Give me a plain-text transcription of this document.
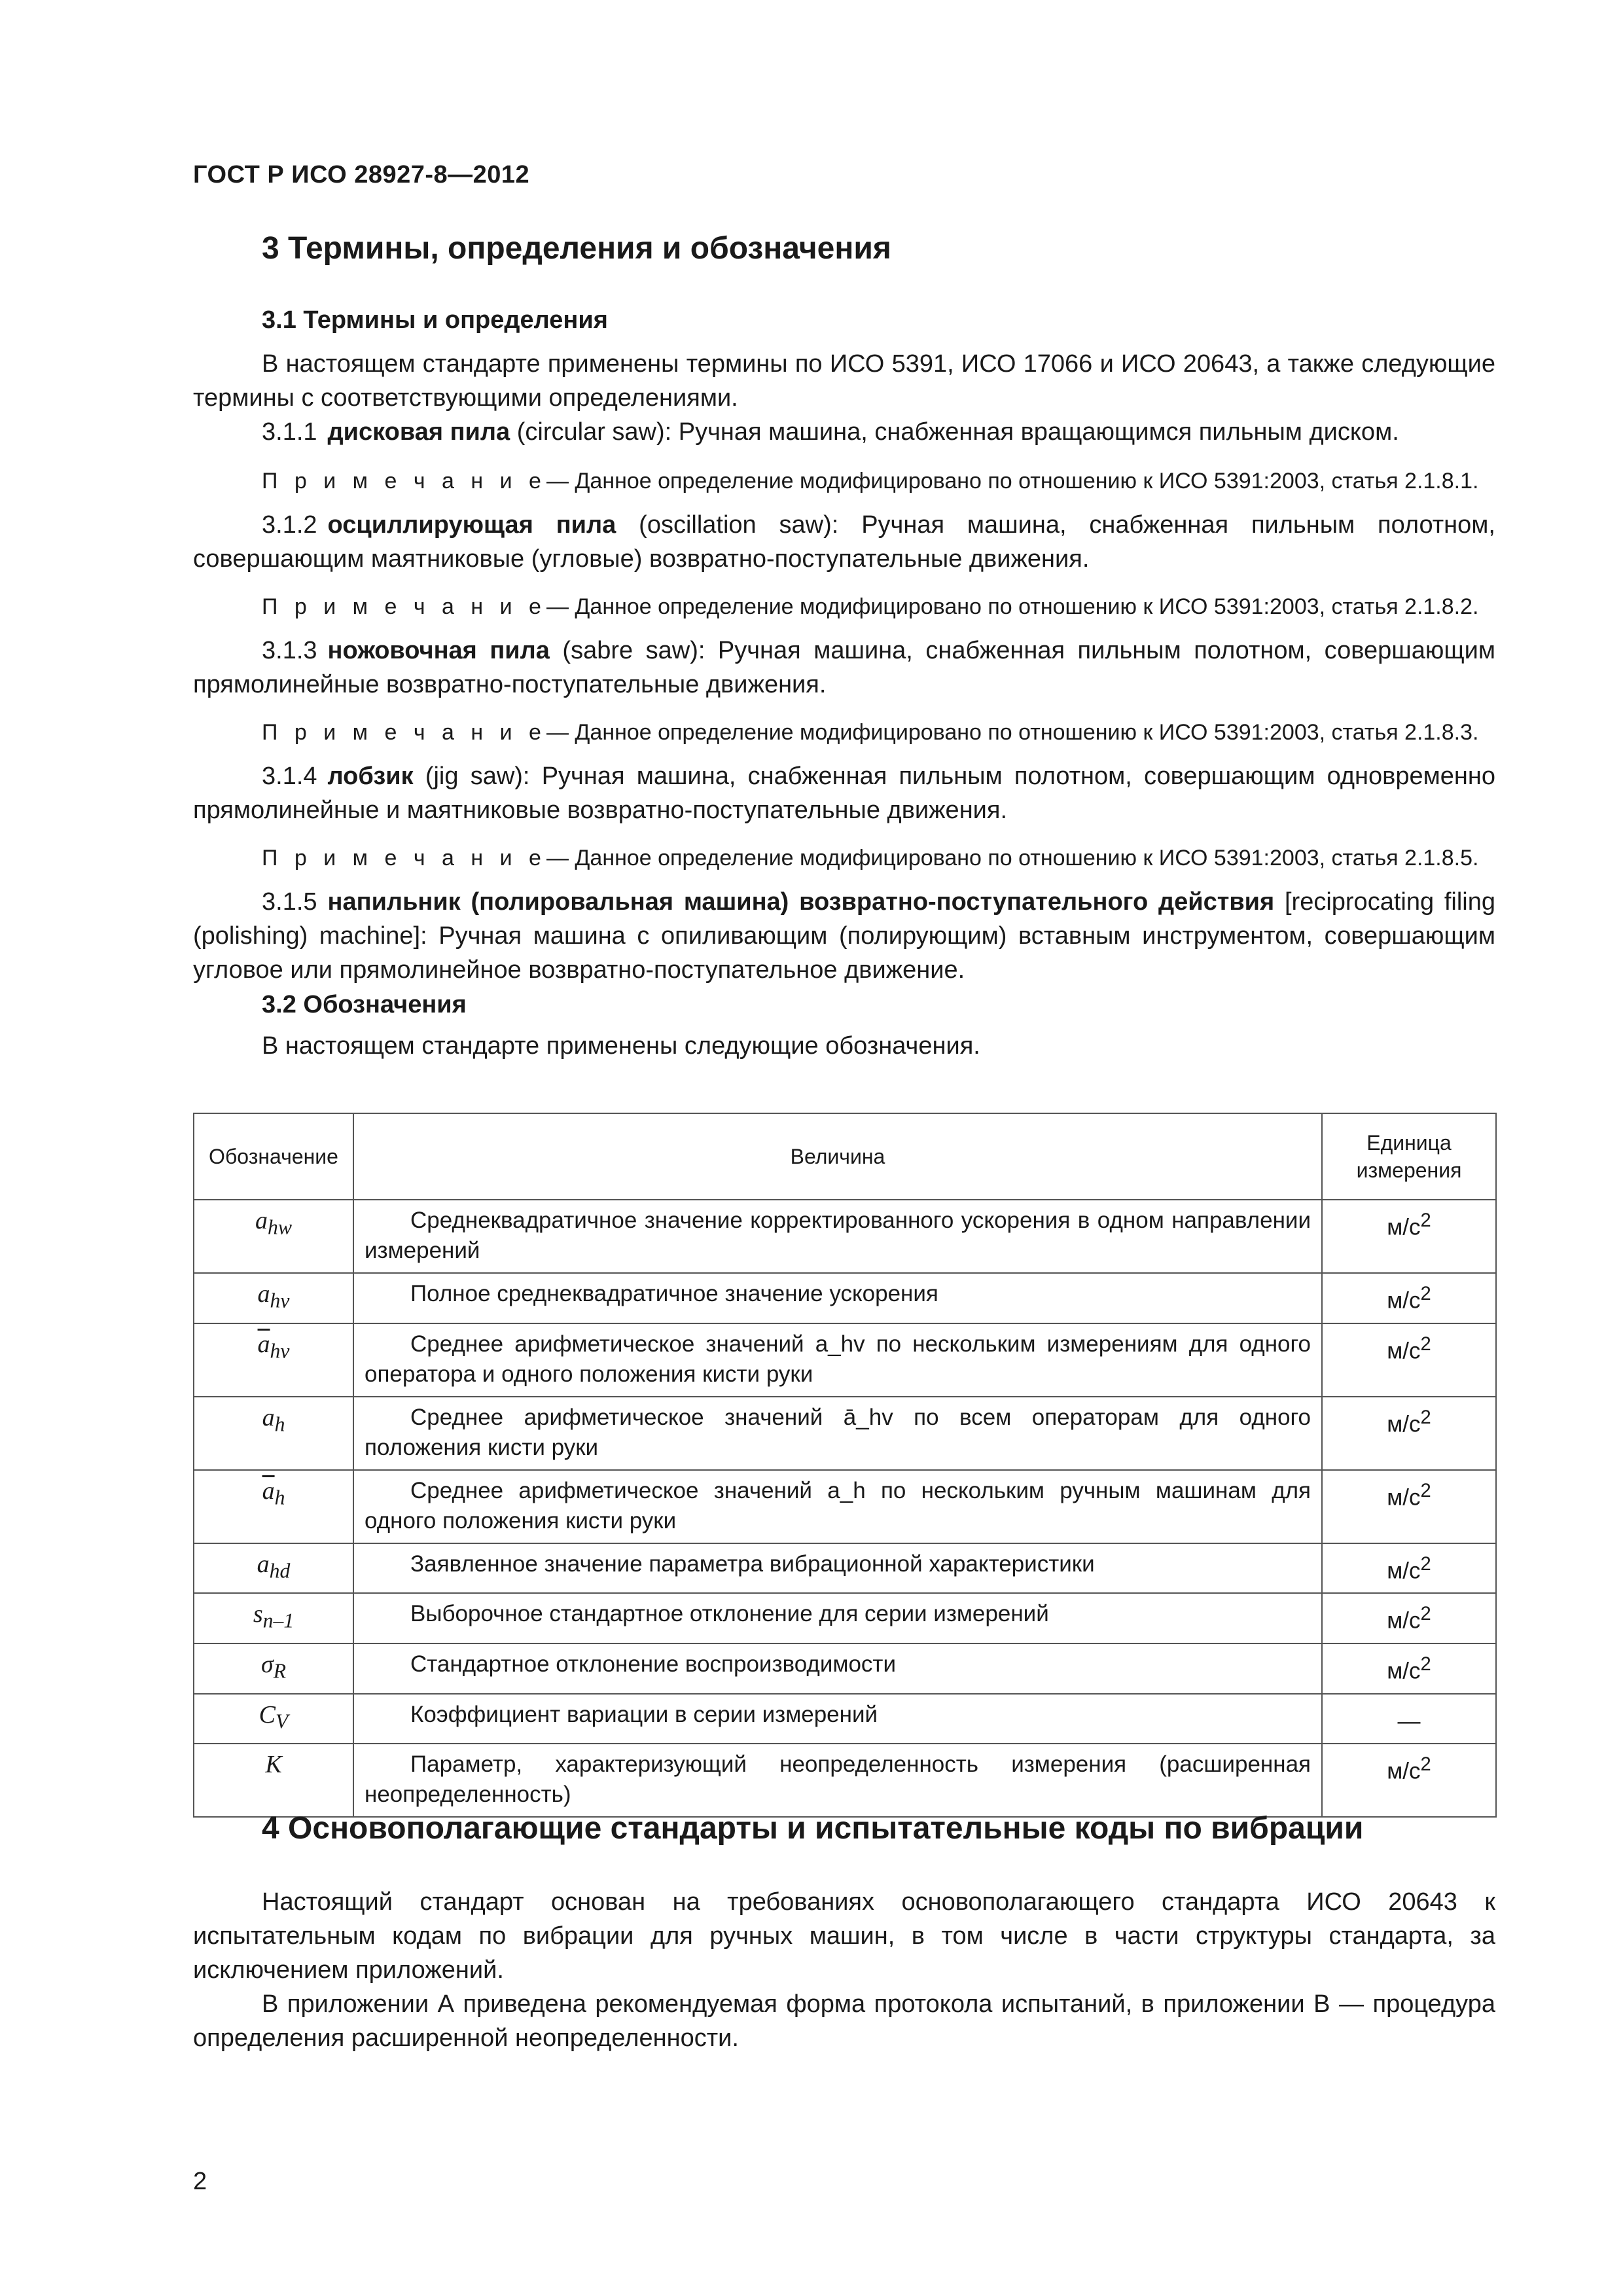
ГОСТ Р ИСО 28927-8—2012
3 Термины, определения и обозначения
3.1 Термины и определения
В настоящем стандарте применены термины по ИСО 5391, ИСО 17066 и ИСО 20643, а также следующие термины с соответствующими определениями.
3.1.1 дисковая пила (circular saw): Ручная машина, снабженная вращающимся пильным диском.
П р и м е ч а н и е— Данное определение модифицировано по отношению к ИСО 5391:2003, статья 2.1.8.1.
3.1.2 осциллирующая пила (oscillation saw): Ручная машина, снабженная пильным полотном, совершающим маятниковые (угловые) возвратно-поступательные движения.
П р и м е ч а н и е— Данное определение модифицировано по отношению к ИСО 5391:2003, статья 2.1.8.2.
3.1.3 ножовочная пила (sabre saw): Ручная машина, снабженная пильным полотном, совершающим прямолинейные возвратно-поступательные движения.
П р и м е ч а н и е— Данное определение модифицировано по отношению к ИСО 5391:2003, статья 2.1.8.3.
3.1.4 лобзик (jig saw): Ручная машина, снабженная пильным полотном, совершающим одновременно прямолинейные и маятниковые возвратно-поступательные движения.
П р и м е ч а н и е— Данное определение модифицировано по отношению к ИСО 5391:2003, статья 2.1.8.5.
3.1.5 напильник (полировальная машина) возвратно-поступательного действия [reciprocating filing (polishing) machine]: Ручная машина с опиливающим (полирующим) вставным инструментом, совершающим угловое или прямолинейное возвратно-поступательное движение.
3.2 Обозначения
В настоящем стандарте применены следующие обозначения.
Обозначение	Величина	Единица измерения
$a_{hw}$	Среднеквадратичное значение корректированного ускорения в одном направлении измерений	$м/с^2$
$a_{hv}$	Полное среднеквадратичное значение ускорения	$м/с^2$
$\overline{a}_{hv}$	Среднее арифметическое значений a_hv по нескольким измерениям для одного оператора и одного положения кисти руки	$м/с^2$
$a_h$	Среднее арифметическое значений ā_hv по всем операторам для одного положения кисти руки	$м/с^2$
$\overline{a}_h$	Среднее арифметическое значений a_h по нескольким ручным машинам для одного положения кисти руки	$м/с^2$
$a_{hd}$	Заявленное значение параметра вибрационной характеристики	$м/с^2$
$s_{n-1}$	Выборочное стандартное отклонение для серии измерений	$м/с^2$
$\sigma_R$	Стандартное отклонение воспроизводимости	$м/с^2$
$C_V$	Коэффициент вариации в серии измерений	—
K	Параметр, характеризующий неопределенность измерения (расширенная неопределенность)	$м/с^2$
4 Основополагающие стандарты и испытательные коды по вибрации
Настоящий стандарт основан на требованиях основополагающего стандарта ИСО 20643 к испытательным кодам по вибрации для ручных машин, в том числе в части структуры стандарта, за исключением приложений.
В приложении А приведена рекомендуемая форма протокола испытаний, в приложении В — процедура определения расширенной неопределенности.
2
